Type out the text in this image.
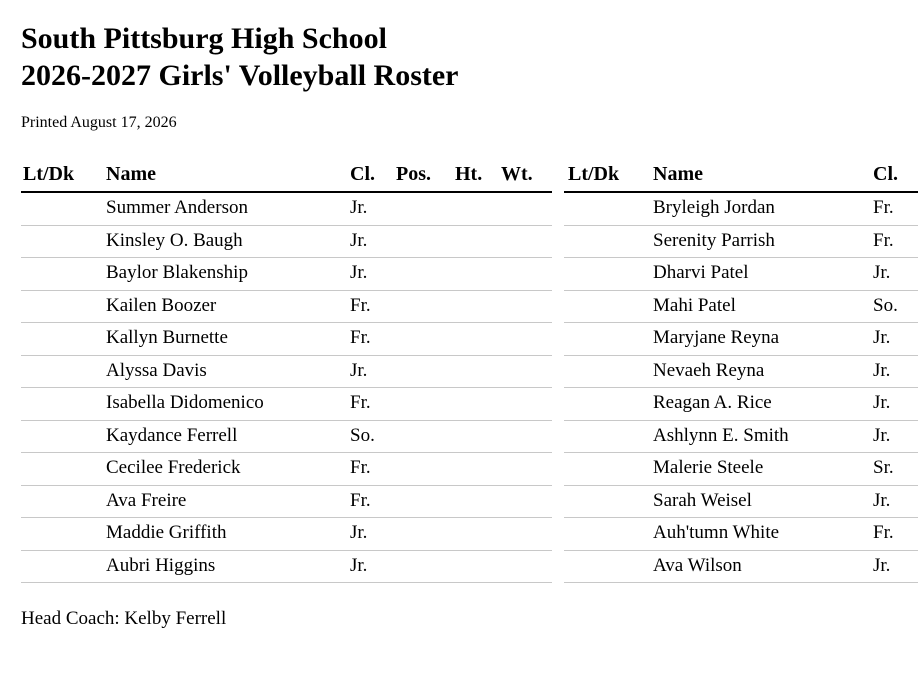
South Pittsburg High School
2026-2027 Girls' Volleyball Roster
Printed August 17, 2026
Lt/Dk Name	Cl. Pos. Ht. Wt.
Summer Anderson	Jr.
Kinsley O. Baugh	Jr.
Baylor Blakenship	Jr.
Kailen Boozer	Fr.
Kallyn Burnette	Fr.
Alyssa Davis	Jr.
Isabella Didomenico	Fr.
Kaydance Ferrell	So.
Cecilee Frederick	Fr.
Ava Freire	Fr.
Maddie Griffith	Jr.
Aubri Higgins	Jr.
Lt/Dk Name	Cl.
Bryleigh Jordan	Fr.
Serenity Parrish	Fr.
Dharvi Patel	Jr.
Mahi Patel	So.
Maryjane Reyna	Jr.
Nevaeh Reyna	Jr.
Reagan A. Rice	Jr.
Ashlynn E. Smith	Jr.
Malerie Steele	Sr.
Sarah Weisel	Jr.
Auh'tumn White	Fr.
Ava Wilson	Jr.
Head Coach: Kelby Ferrell
